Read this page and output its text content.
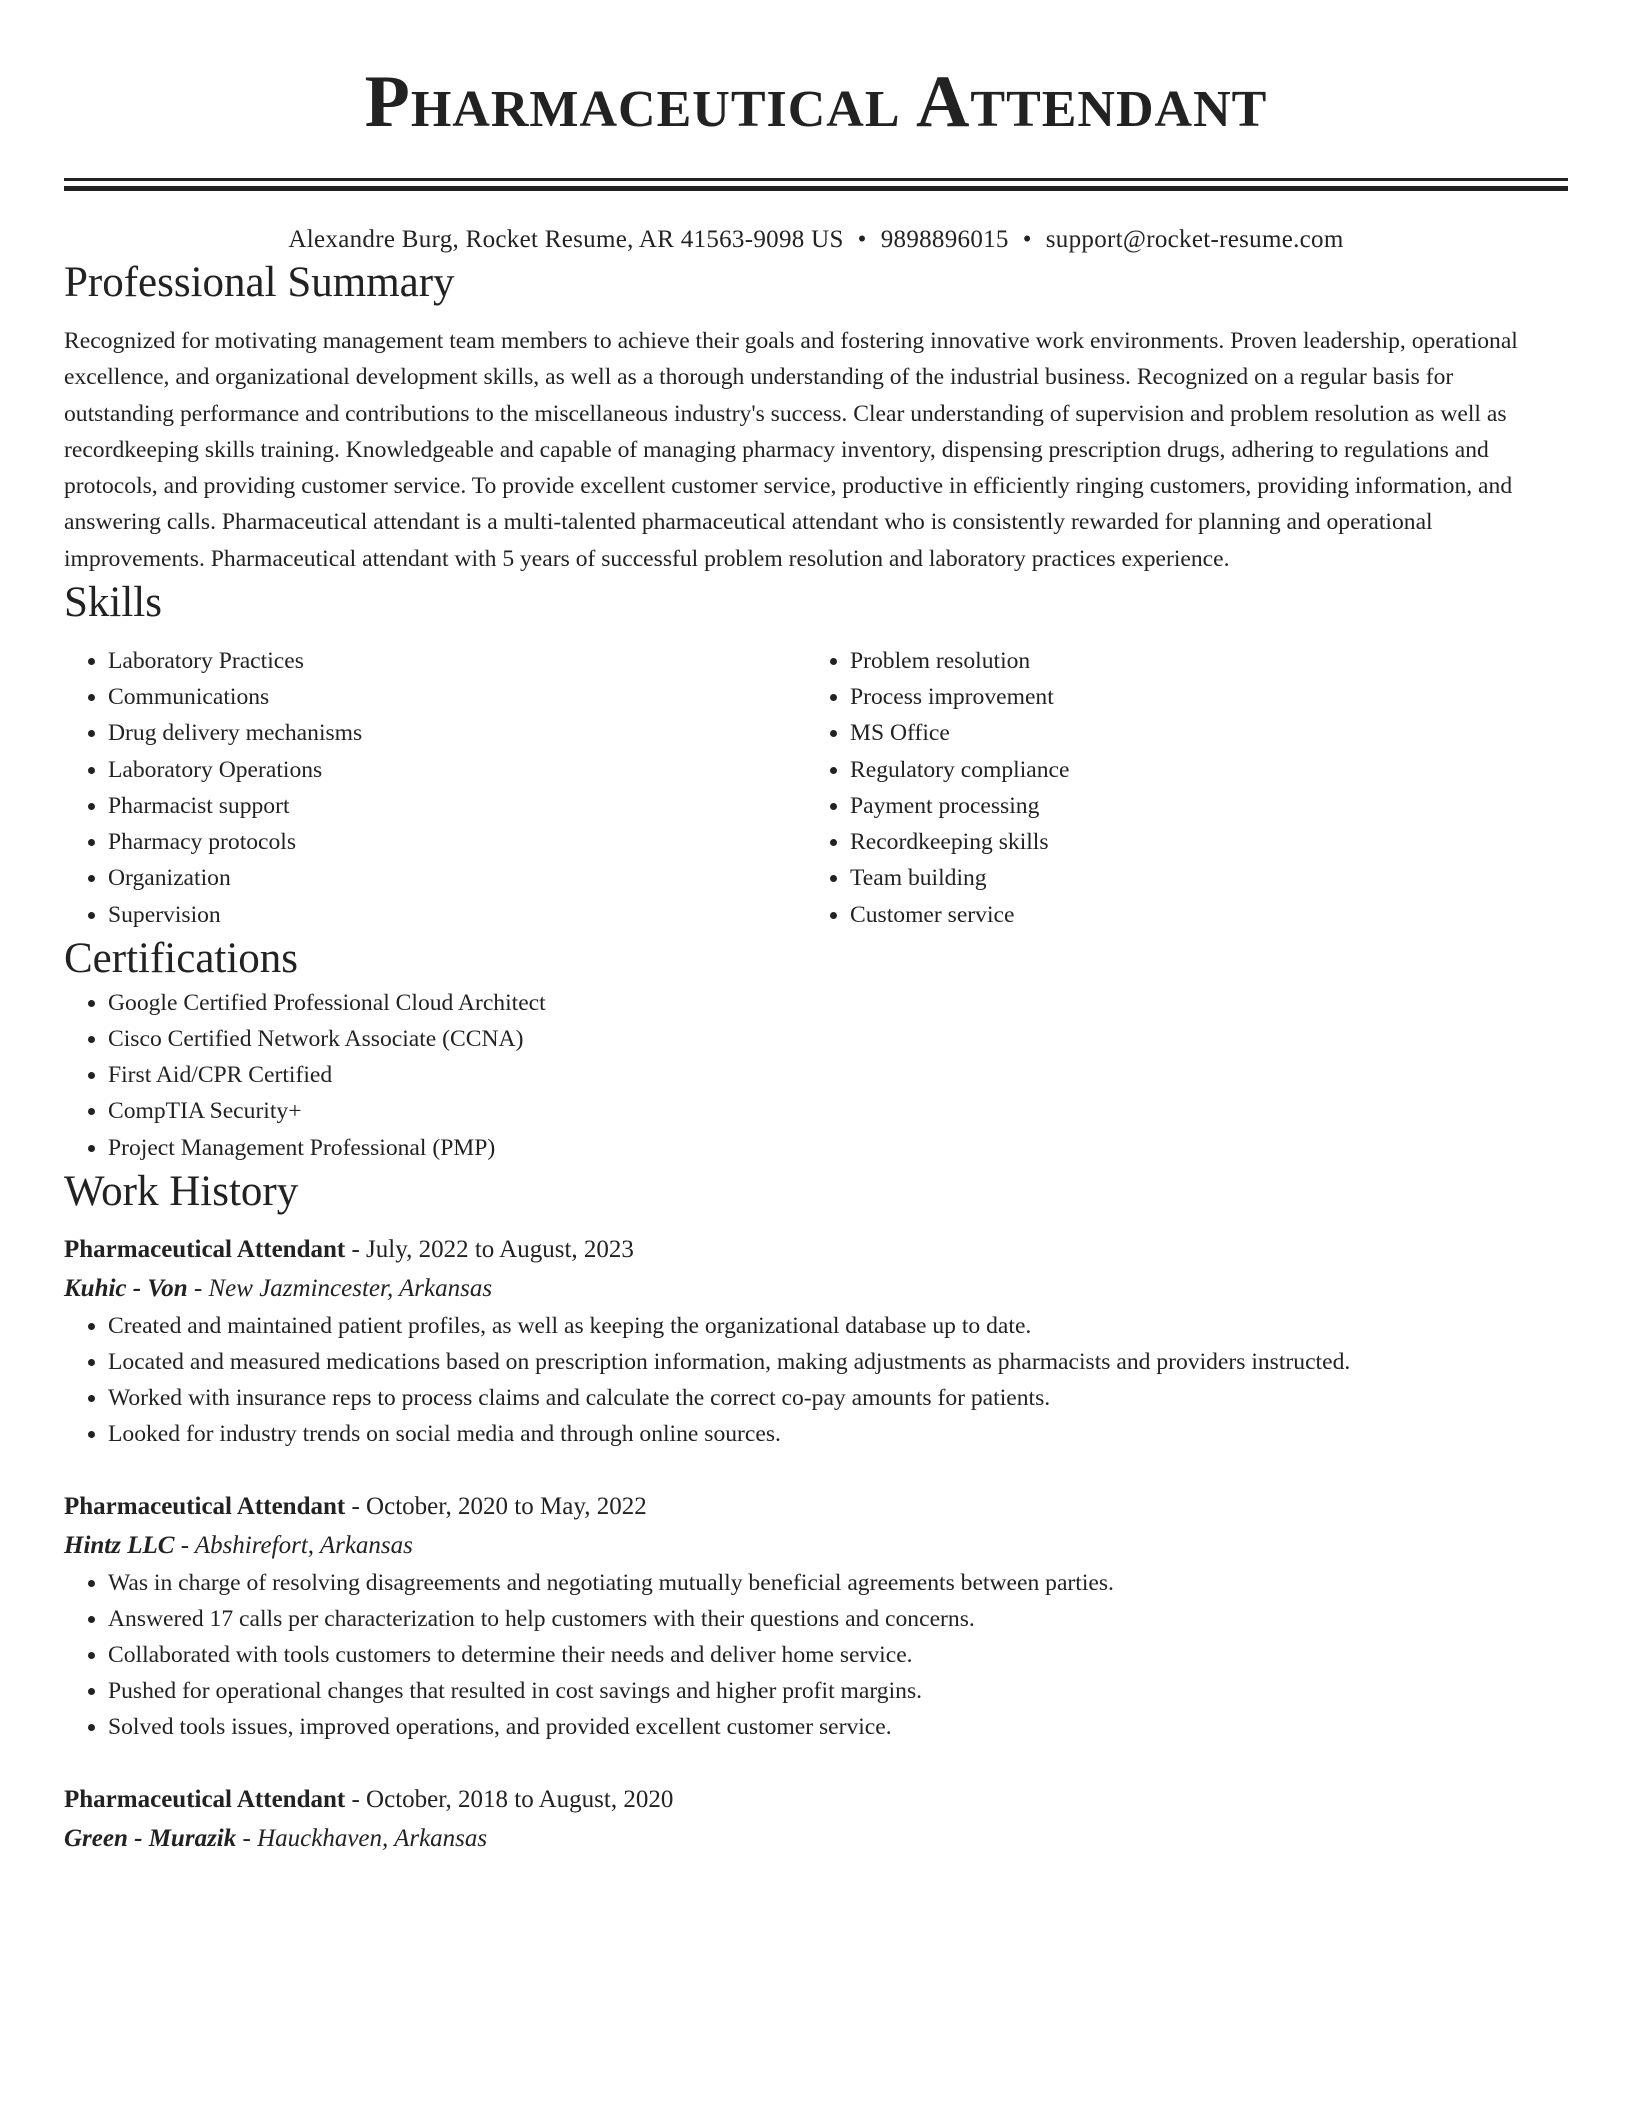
Pharmaceutical Attendant
Alexandre Burg, Rocket Resume, AR 41563-9098 US • 9898896015 • support@rocket-resume.com
Professional Summary

Recognized for motivating management team members to achieve their goals and fostering innovative work environments. Proven leadership, operational excellence, and organizational development skills, as well as a thorough understanding of the industrial business. Recognized on a regular basis for outstanding performance and contributions to the miscellaneous industry's success. Clear understanding of supervision and problem resolution as well as recordkeeping skills training. Knowledgeable and capable of managing pharmacy inventory, dispensing prescription drugs, adhering to regulations and protocols, and providing customer service. To provide excellent customer service, productive in efficiently ringing customers, providing information, and answering calls. Pharmaceutical attendant is a multi-talented pharmaceutical attendant who is consistently rewarded for planning and operational improvements. Pharmaceutical attendant with 5 years of successful problem resolution and laboratory practices experience.

Skills
• Laboratory Practices
• Communications
• Drug delivery mechanisms
• Laboratory Operations
• Pharmacist support
• Pharmacy protocols
• Organization
• Supervision
• Problem resolution
• Process improvement
• MS Office
• Regulatory compliance
• Payment processing
• Recordkeeping skills
• Team building
• Customer service
Certifications
• Google Certified Professional Cloud Architect
• Cisco Certified Network Associate (CCNA)
• First Aid/CPR Certified
• CompTIA Security+
• Project Management Professional (PMP)
Work History
Pharmaceutical Attendant - July, 2022 to August, 2023
Kuhic - Von - New Jazmincester, Arkansas
• Created and maintained patient profiles, as well as keeping the organizational database up to date.
• Located and measured medications based on prescription information, making adjustments as pharmacists and providers instructed.
• Worked with insurance reps to process claims and calculate the correct co-pay amounts for patients.
• Looked for industry trends on social media and through online sources.
Pharmaceutical Attendant - October, 2020 to May, 2022
Hintz LLC - Abshirefort, Arkansas
• Was in charge of resolving disagreements and negotiating mutually beneficial agreements between parties.
• Answered 17 calls per characterization to help customers with their questions and concerns.
• Collaborated with tools customers to determine their needs and deliver home service.
• Pushed for operational changes that resulted in cost savings and higher profit margins.
• Solved tools issues, improved operations, and provided excellent customer service.
Pharmaceutical Attendant - October, 2018 to August, 2020
Green - Murazik - Hauckhaven, Arkansas
